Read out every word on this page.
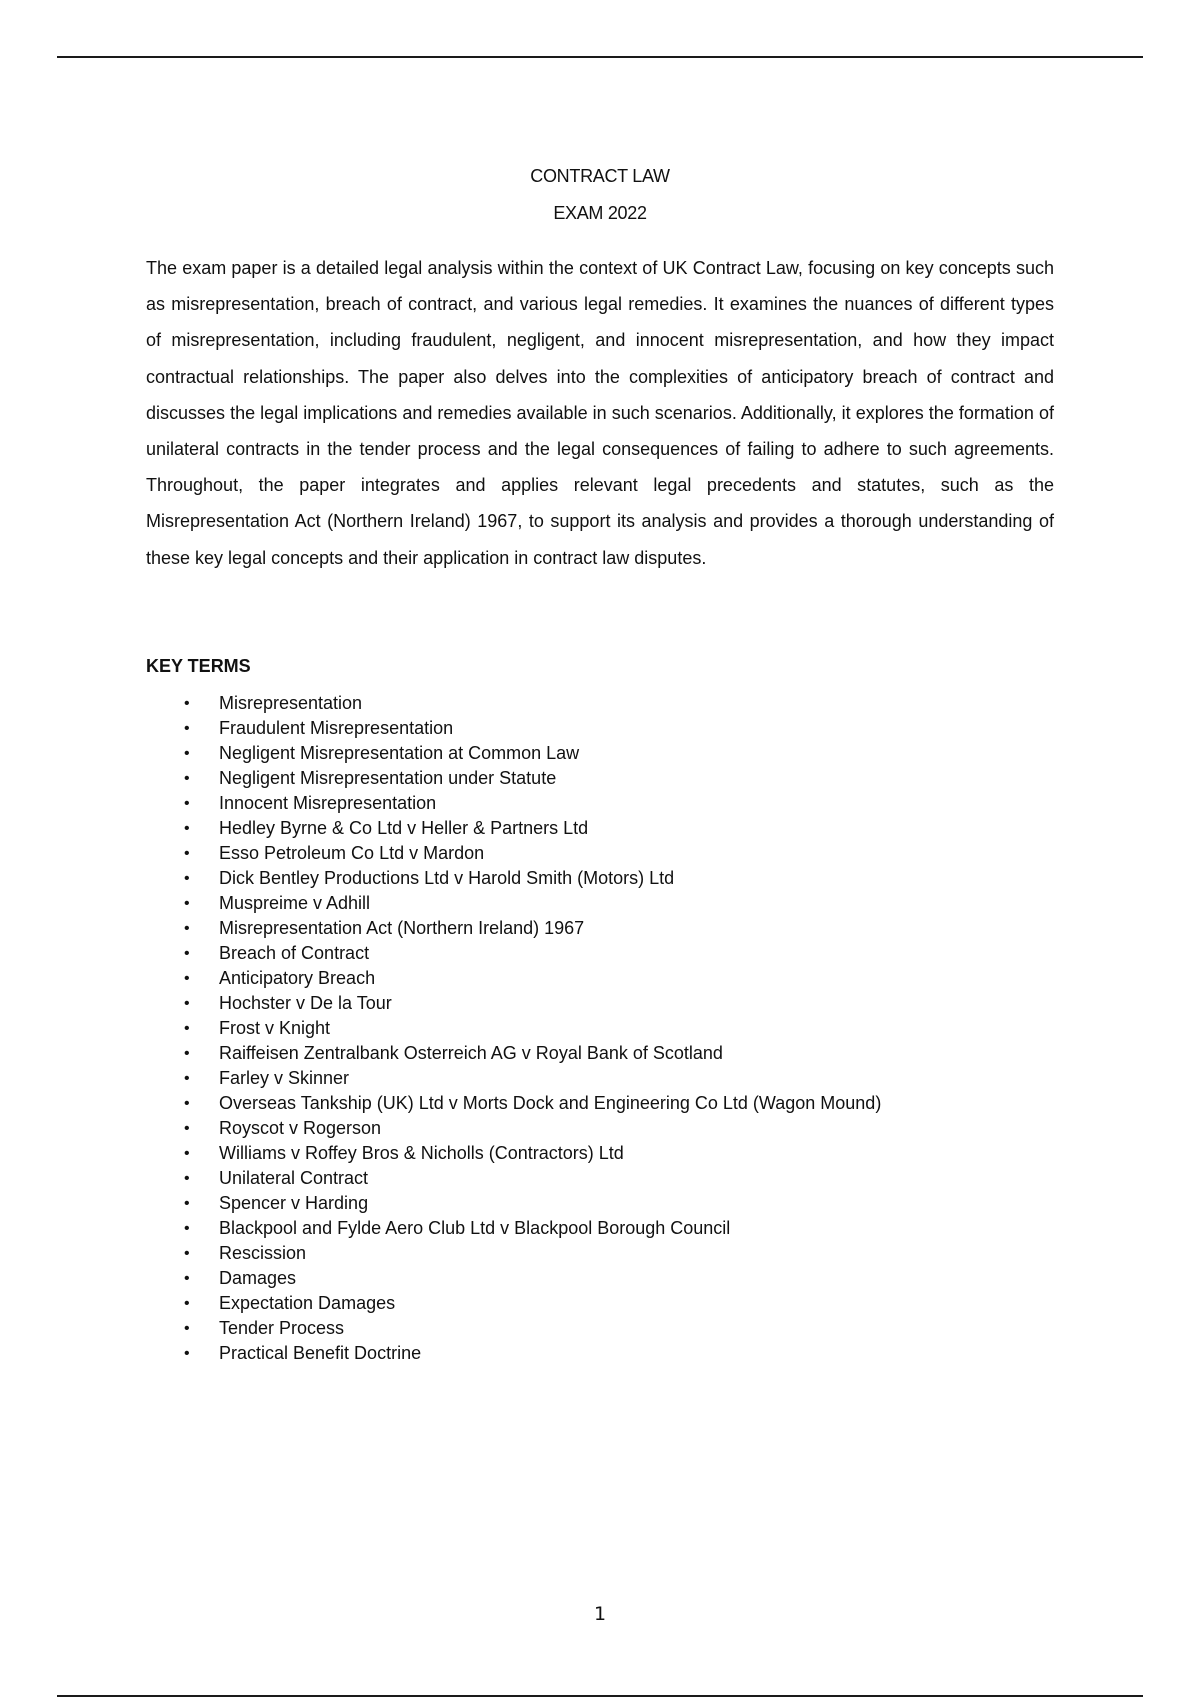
CONTRACT LAW
EXAM 2022

The exam paper is a detailed legal analysis within the context of UK Contract Law, focusing on key concepts such as misrepresentation, breach of contract, and various legal remedies. It examines the nuances of different types of misrepresentation, including fraudulent, negligent, and innocent misrepresentation, and how they impact contractual relationships. The paper also delves into the complexities of anticipatory breach of contract and discusses the legal implications and remedies available in such scenarios. Additionally, it explores the formation of unilateral contracts in the tender process and the legal consequences of failing to adhere to such agreements. Throughout, the paper integrates and applies relevant legal precedents and statutes, such as the Misrepresentation Act (Northern Ireland) 1967, to support its analysis and provides a thorough understanding of these key legal concepts and their application in contract law disputes.

KEY TERMS
• Misrepresentation
• Fraudulent Misrepresentation
• Negligent Misrepresentation at Common Law
• Negligent Misrepresentation under Statute
• Innocent Misrepresentation
• Hedley Byrne & Co Ltd v Heller & Partners Ltd
• Esso Petroleum Co Ltd v Mardon
• Dick Bentley Productions Ltd v Harold Smith (Motors) Ltd
• Muspreime v Adhill
• Misrepresentation Act (Northern Ireland) 1967
• Breach of Contract
• Anticipatory Breach
• Hochster v De la Tour
• Frost v Knight
• Raiffeisen Zentralbank Osterreich AG v Royal Bank of Scotland
• Farley v Skinner
• Overseas Tankship (UK) Ltd v Morts Dock and Engineering Co Ltd (Wagon Mound)
• Royscot v Rogerson
• Williams v Roffey Bros & Nicholls (Contractors) Ltd
• Unilateral Contract
• Spencer v Harding
• Blackpool and Fylde Aero Club Ltd v Blackpool Borough Council
• Rescission
• Damages
• Expectation Damages
• Tender Process
• Practical Benefit Doctrine
1
